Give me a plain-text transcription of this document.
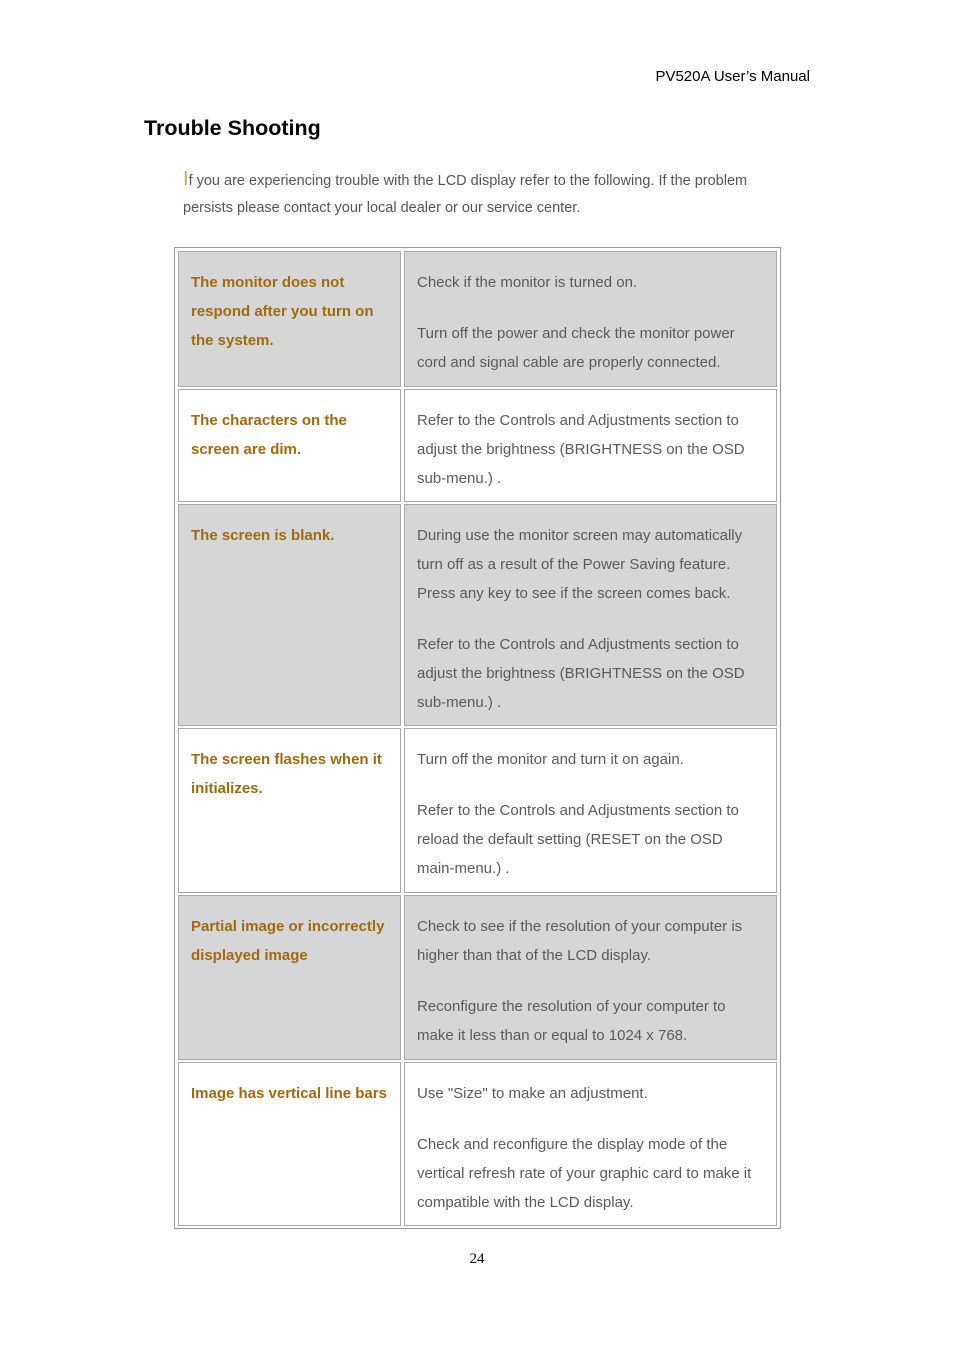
PV520A User’s Manual
Trouble Shooting

If you are experiencing trouble with the LCD display refer to the following. If the problem persists please contact your local dealer or our service center.

The monitor does not respond after you turn on the system.

Check if the monitor is turned on.

Turn off the power and check the monitor power cord and signal cable are properly connected.

The characters on the screen are dim.

Refer to the Controls and Adjustments section to adjust the brightness (BRIGHTNESS on the OSD sub-menu.) .

The screen is blank.	During use the monitor screen may automatically turn off as a result of the Power Saving feature. Press any key to see if the screen comes back.

Refer to the Controls and Adjustments section to adjust the brightness (BRIGHTNESS on the OSD sub-menu.) .

The screen flashes when it initializes.

Turn off the monitor and turn it on again.

Refer to the Controls and Adjustments section to reload the default setting (RESET on the OSD main-menu.) .

Partial image or incorrectly displayed image

Check to see if the resolution of your computer is higher than that of the LCD display.

Reconfigure the resolution of your computer to make it less than or equal to 1024 x 768.

Image has vertical line bars Use "Size" to make an adjustment.

Check and reconfigure the display mode of the vertical refresh rate of your graphic card to make it compatible with the LCD display.

24
